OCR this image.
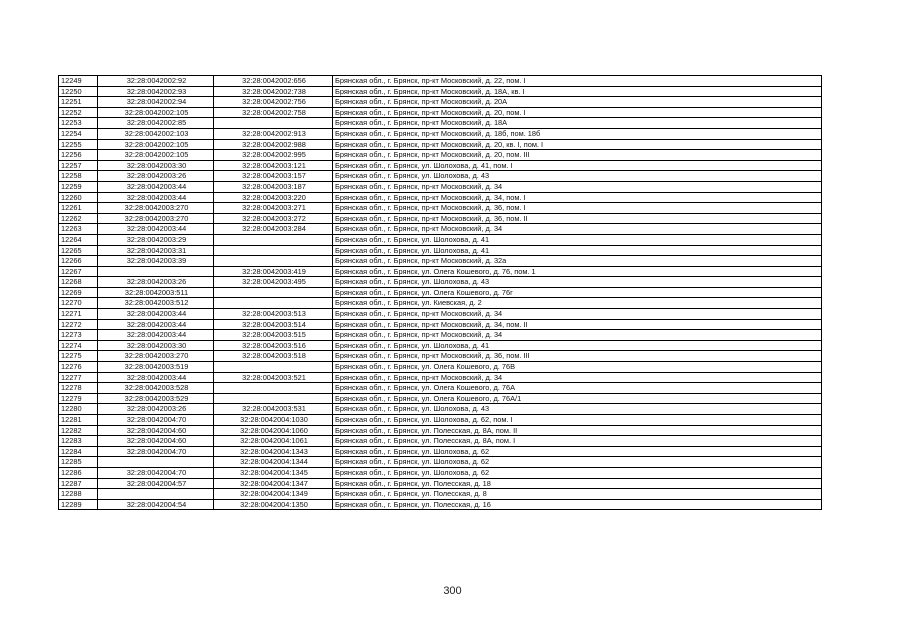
12249	32:28:0042002:92	32:28:0042002:656	Брянская обл., г. Брянск, пр-кт Московский, д. 22, пом. I
12250	32:28:0042002:93	32:28:0042002:738	Брянская обл., г. Брянск, пр-кт Московский, д. 18А, кв. I
12251	32:28:0042002:94	32:28:0042002:756	Брянская обл., г. Брянск, пр-кт Московский, д. 20А
12252	32:28:0042002:105	32:28:0042002:758	Брянская обл., г. Брянск, пр-кт Московский, д. 20, пом. I
12253	32:28:0042002:85		Брянская обл., г. Брянск, пр-кт Московский, д. 18А
12254	32:28:0042002:103	32:28:0042002:913	Брянская обл., г. Брянск, пр-кт Московский, д. 18б, пом. 18б
12255	32:28:0042002:105	32:28:0042002:988	Брянская обл., г. Брянск, пр-кт Московский, д. 20, кв. I, пом. I
12256	32:28:0042002:105	32:28:0042002:995	Брянская обл., г. Брянск, пр-кт Московский, д. 20, пом. III
12257	32:28:0042003:30	32:28:0042003:121	Брянская обл., г. Брянск, ул. Шолохова, д. 41, пом. I
12258	32:28:0042003:26	32:28:0042003:157	Брянская обл., г. Брянск, ул. Шолохова, д. 43
12259	32:28:0042003:44	32:28:0042003:187	Брянская обл., г. Брянск, пр-кт Московский, д. 34
12260	32:28:0042003:44	32:28:0042003:220	Брянская обл., г. Брянск, пр-кт Московский, д. 34, пом. I
12261	32:28:0042003:270	32:28:0042003:271	Брянская обл., г. Брянск, пр-кт Московский, д. 36, пом. I
12262	32:28:0042003:270	32:28:0042003:272	Брянская обл., г. Брянск, пр-кт Московский, д. 36, пом. II
12263	32:28:0042003:44	32:28:0042003:284	Брянская обл., г. Брянск, пр-кт Московский, д. 34
12264	32:28:0042003:29		Брянская обл., г. Брянск, ул. Шолохова, д. 41
12265	32:28:0042003:31		Брянская обл., г. Брянск, ул. Шолохова, д. 41
12266	32:28:0042003:39		Брянская обл., г. Брянск, пр-кт Московский, д. 32а
12267		32:28:0042003:419	Брянская обл., г. Брянск, ул. Олега Кошевого, д. 76, пом. 1
12268	32:28:0042003:26	32:28:0042003:495	Брянская обл., г. Брянск, ул. Шолохова, д. 43
12269	32:28:0042003:511		Брянская обл., г. Брянск, ул. Олега Кошевого, д. 76г
12270	32:28:0042003:512		Брянская обл., г. Брянск, ул. Киевская, д. 2
12271	32:28:0042003:44	32:28:0042003:513	Брянская обл., г. Брянск, пр-кт Московский, д. 34
12272	32:28:0042003:44	32:28:0042003:514	Брянская обл., г. Брянск, пр-кт Московский, д. 34, пом. II
12273	32:28:0042003:44	32:28:0042003:515	Брянская обл., г. Брянск, пр-кт Московский, д. 34
12274	32:28:0042003:30	32:28:0042003:516	Брянская обл., г. Брянск, ул. Шолохова, д. 41
12275	32:28:0042003:270	32:28:0042003:518	Брянская обл., г. Брянск, пр-кт Московский, д. 36, пом. III
12276	32:28:0042003:519		Брянская обл., г. Брянск, ул. Олега Кошевого, д. 76В
12277	32:28:0042003:44	32:28:0042003:521	Брянская обл., г. Брянск, пр-кт Московский, д. 34
12278	32:28:0042003:528		Брянская обл., г. Брянск, ул. Олега Кошевого, д. 76А
12279	32:28:0042003:529		Брянская обл., г. Брянск, ул. Олега Кошевого, д. 76А/1
12280	32:28:0042003:26	32:28:0042003:531	Брянская обл., г. Брянск, ул. Шолохова, д. 43
12281	32:28:0042004:70	32:28:0042004:1030	Брянская обл., г. Брянск, ул. Шолохова, д. 62, пом. I
12282	32:28:0042004:60	32:28:0042004:1060	Брянская обл., г. Брянск, ул. Полесская, д. 8А, пом. II
12283	32:28:0042004:60	32:28:0042004:1061	Брянская обл., г. Брянск, ул. Полесская, д. 8А, пом. I
12284	32:28:0042004:70	32:28:0042004:1343	Брянская обл., г. Брянск, ул. Шолохова, д. 62
12285		32:28:0042004:1344	Брянская обл., г. Брянск, ул. Шолохова, д. 62
12286	32:28:0042004:70	32:28:0042004:1345	Брянская обл., г. Брянск, ул. Шолохова, д. 62
12287	32:28:0042004:57	32:28:0042004:1347	Брянская обл., г. Брянск, ул. Полесская, д. 18
12288		32:28:0042004:1349	Брянская обл., г. Брянск, ул. Полесская, д. 8
12289	32:28:0042004:54	32:28:0042004:1350	Брянская обл., г. Брянск, ул. Полесская, д. 16
300
